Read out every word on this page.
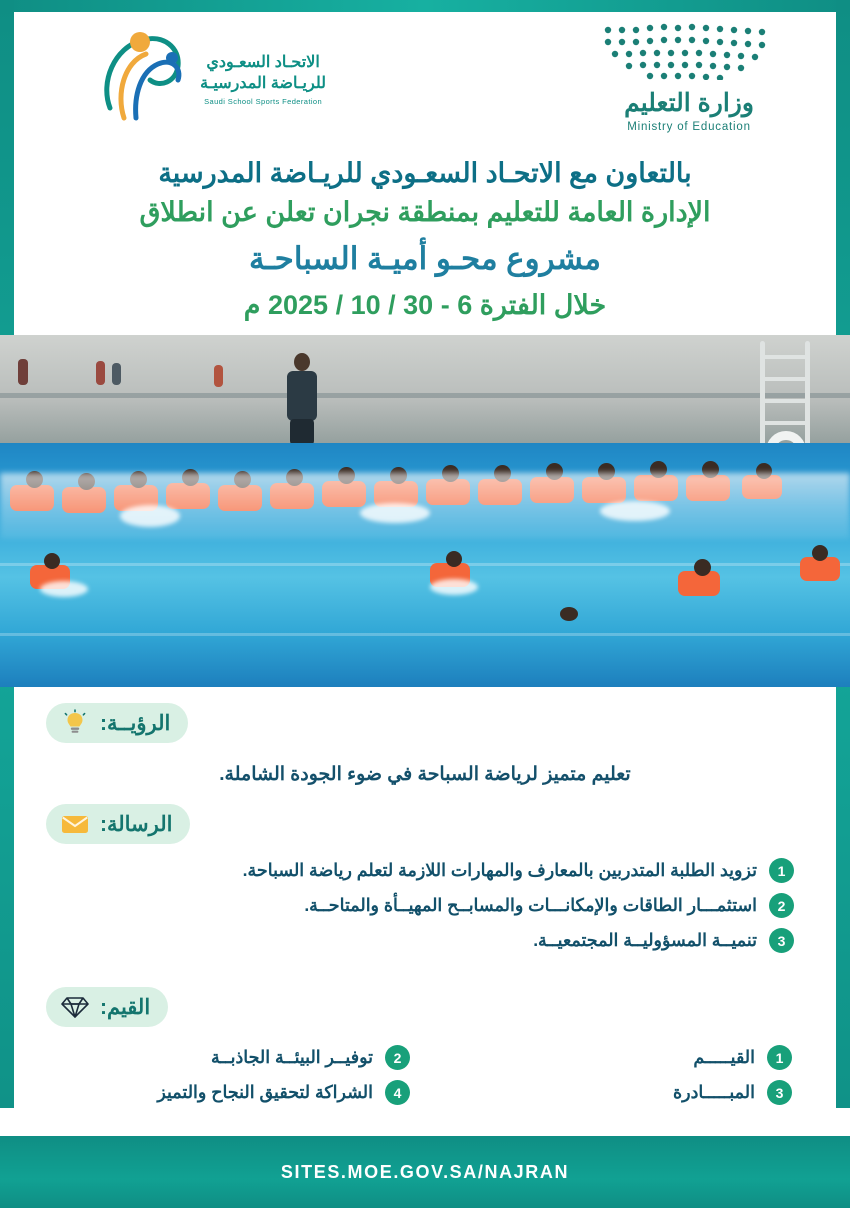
الاتحـاد السعـودي
للريـاضة المدرسيـة
Saudi School Sports Federation	وزارة التعليم
Ministry of Education
بالتعاون مع الاتحـاد السعـودي للريـاضة المدرسية
الإدارة العامة للتعليم بمنطقة نجران تعلن عن انطلاق
مشروع محـو أميـة السباحـة
خلال الفترة 6 - 30 / 10 / 2025 م
الرؤيــة:
تعليم متميز لرياضة السباحة في ضوء الجودة الشاملة.
الرسالة:
1
تزويد الطلبة المتدربين بالمعارف والمهارات اللازمة لتعلم رياضة السباحة.
2
استثمـــار الطاقات والإمكانـــات والمسابــح المهيــأة والمتاحــة.
3
تنميــة المسؤوليــة المجتمعيــة.
القيم:
1
القيـــــم
2
توفيــر البيئــة الجاذبــة
3
المبـــــادرة
4
الشراكة لتحقيق النجاح والتميز
SITES.MOE.GOV.SA/NAJRAN
